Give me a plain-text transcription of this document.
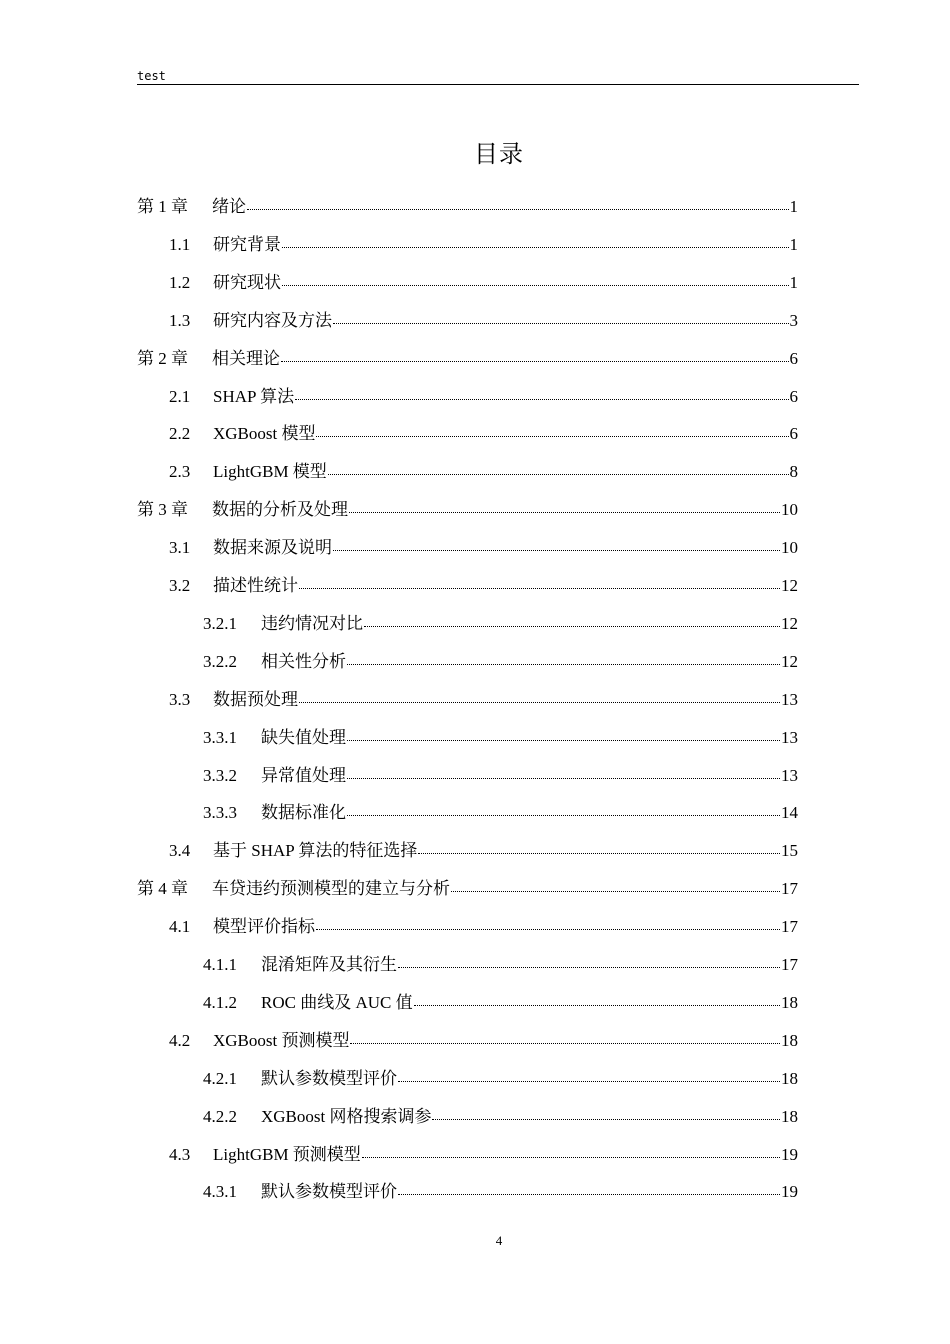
test
目录
第 1 章	绪论	1
1.1	研究背景	1
1.2	研究现状	1
1.3	研究内容及方法	3
第 2 章	相关理论	6
2.1	SHAP 算法	6
2.2	XGBoost 模型	6
2.3	LightGBM 模型	8
第 3 章	数据的分析及处理	10
3.1	数据来源及说明	10
3.2	描述性统计	12
3.2.1	违约情况对比	12
3.2.2	相关性分析	12
3.3	数据预处理	13
3.3.1	缺失值处理	13
3.3.2	异常值处理	13
3.3.3	数据标准化	14
3.4	基于 SHAP 算法的特征选择	15
第 4 章	车贷违约预测模型的建立与分析	17
4.1	模型评价指标	17
4.1.1	混淆矩阵及其衍生	17
4.1.2	ROC 曲线及 AUC 值	18
4.2	XGBoost 预测模型	18
4.2.1	默认参数模型评价	18
4.2.2	XGBoost 网格搜索调参	18
4.3	LightGBM 预测模型	19
4.3.1	默认参数模型评价	19
4
